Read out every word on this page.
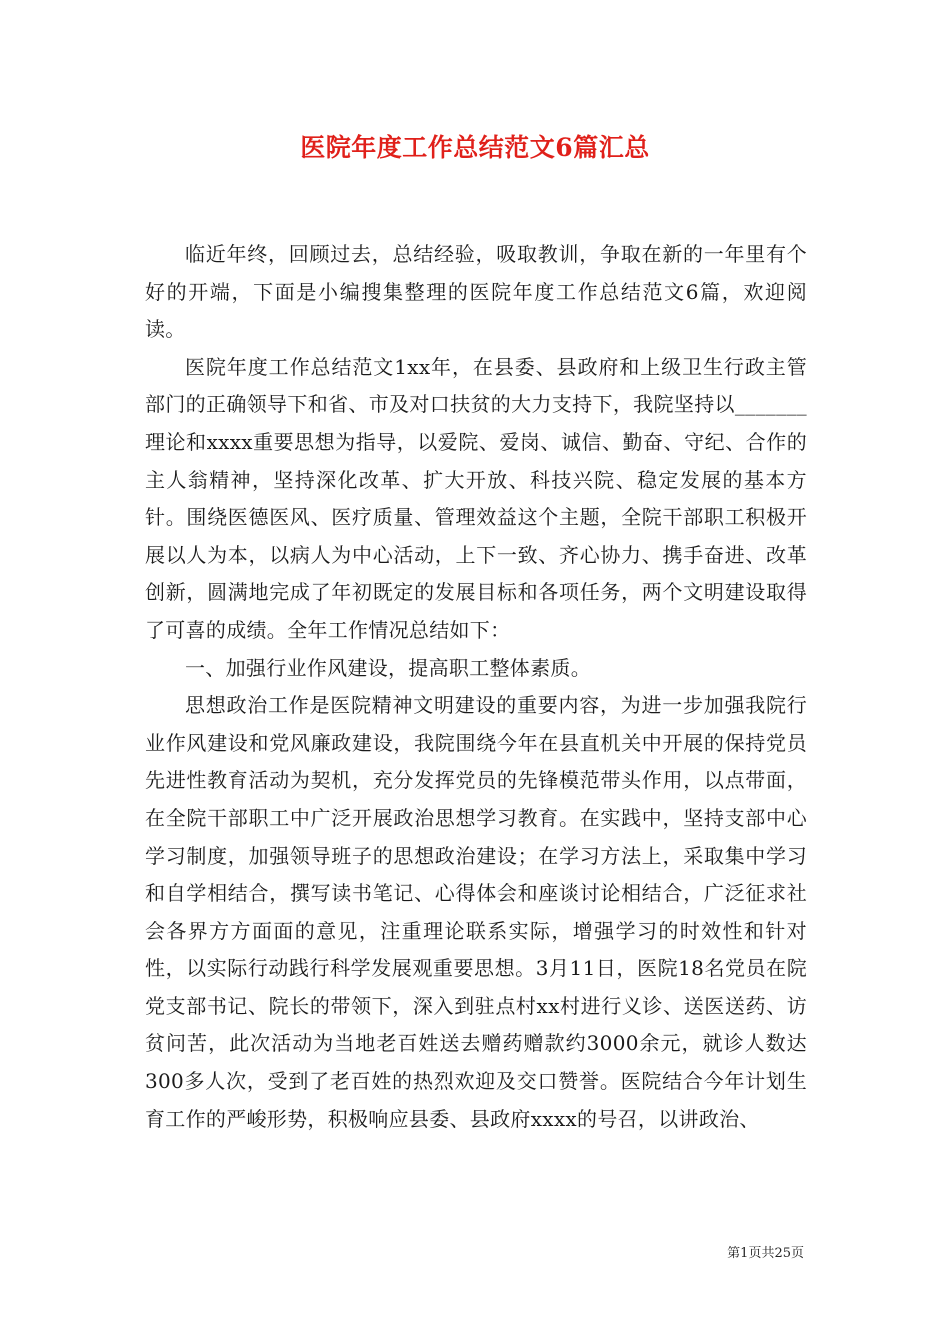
医院年度工作总结范文6篇汇总

临近年终，回顾过去，总结经验，吸取教训，争取在新的一年里有个好的开端，下面是小编搜集整理的医院年度工作总结范文6篇，欢迎阅读。

医院年度工作总结范文1xx年，在县委、县政府和上级卫生行政主管部门的正确领导下和省、市及对口扶贫的大力支持下，我院坚持以_______理论和xxxx重要思想为指导，以爱院、爱岗、诚信、勤奋、守纪、合作的主人翁精神，坚持深化改革、扩大开放、科技兴院、稳定发展的基本方针。围绕医德医风、医疗质量、管理效益这个主题，全院干部职工积极开展以人为本，以病人为中心活动，上下一致、齐心协力、携手奋进、改革创新，圆满地完成了年初既定的发展目标和各项任务，两个文明建设取得了可喜的成绩。全年工作情况总结如下：

一、加强行业作风建设，提高职工整体素质。

思想政治工作是医院精神文明建设的重要内容，为进一步加强我院行业作风建设和党风廉政建设，我院围绕今年在县直机关中开展的保持党员先进性教育活动为契机，充分发挥党员的先锋模范带头作用，以点带面，在全院干部职工中广泛开展政治思想学习教育。在实践中，坚持支部中心学习制度，加强领导班子的思想政治建设；在学习方法上，采取集中学习和自学相结合，撰写读书笔记、心得体会和座谈讨论相结合，广泛征求社会各界方方面面的意见，注重理论联系实际，增强学习的时效性和针对性，以实际行动践行科学发展观重要思想。3月11日，医院18名党员在院党支部书记、院长的带领下，深入到驻点村xx村进行义诊、送医送药、访贫问苦，此次活动为当地老百姓送去赠药赠款约3000余元，就诊人数达300多人次，受到了老百姓的热烈欢迎及交口赞誉。医院结合今年计划生育工作的严峻形势，积极响应县委、县政府xxxx的号召，以讲政治、

第1页共25页
